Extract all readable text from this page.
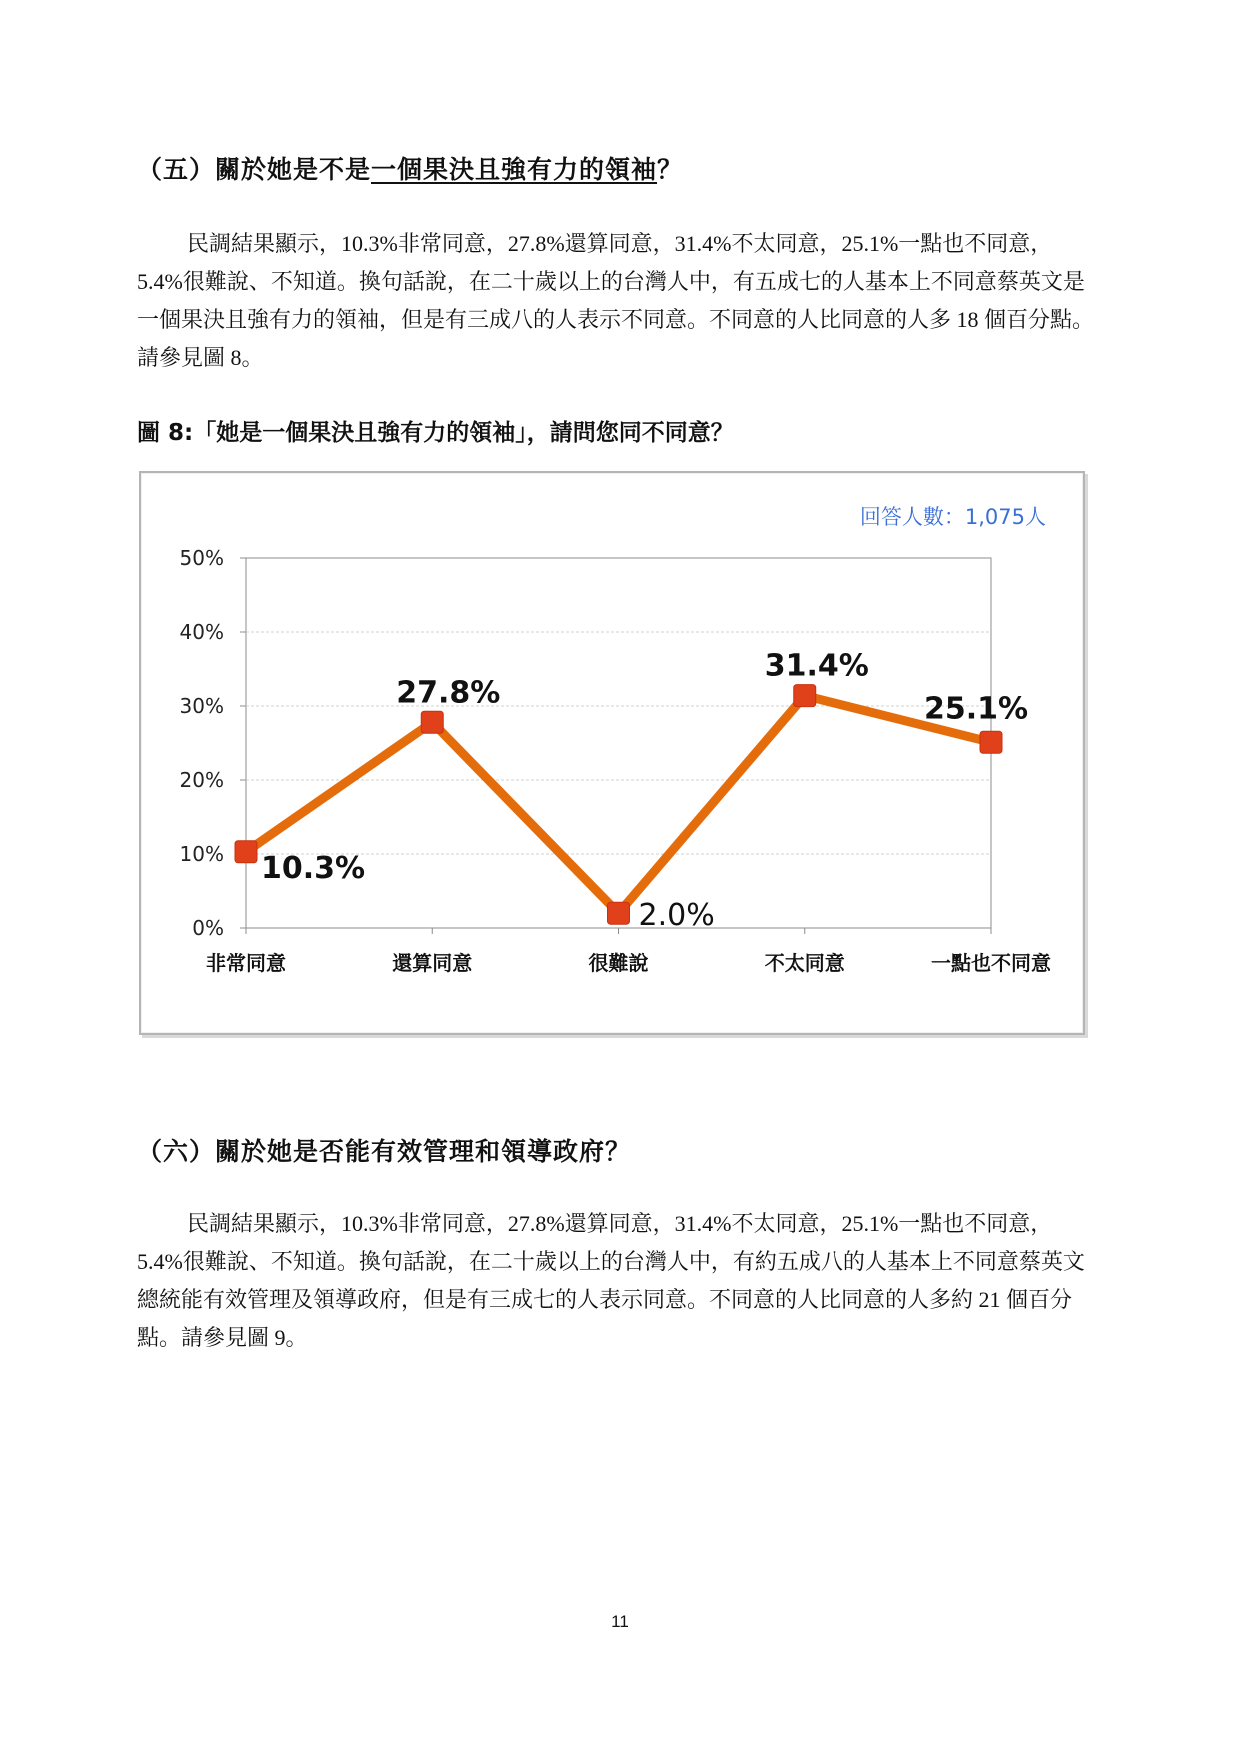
（五）關於她是不是一個果決且強有力的領袖？

民調結果顯示，10.3%非常同意，27.8%還算同意，31.4%不太同意，25.1%一點也不同意，5.4%很難說、不知道。換句話說，在二十歲以上的台灣人中，有五成七的人基本上不同意蔡英文是一個果決且強有力的領袖，但是有三成八的人表示不同意。不同意的人比同意的人多 18 個百分點。請參見圖 8。

圖 8:「她是一個果決且強有力的領袖」，請問您同不同意？
回答人數：1,075人
0%
10%
20%
30%
40%
50%
非常同意	還算同意	很難說	不太同意	一點也不同意
10.3%
27.8%
2.0%
31.4%
25.1%
（六）關於她是否能有效管理和領導政府？

民調結果顯示，10.3%非常同意，27.8%還算同意，31.4%不太同意，25.1%一點也不同意，5.4%很難說、不知道。換句話說，在二十歲以上的台灣人中，有約五成八的人基本上不同意蔡英文總統能有效管理及領導政府，但是有三成七的人表示同意。不同意的人比同意的人多約 21 個百分點。請參見圖 9。

11
